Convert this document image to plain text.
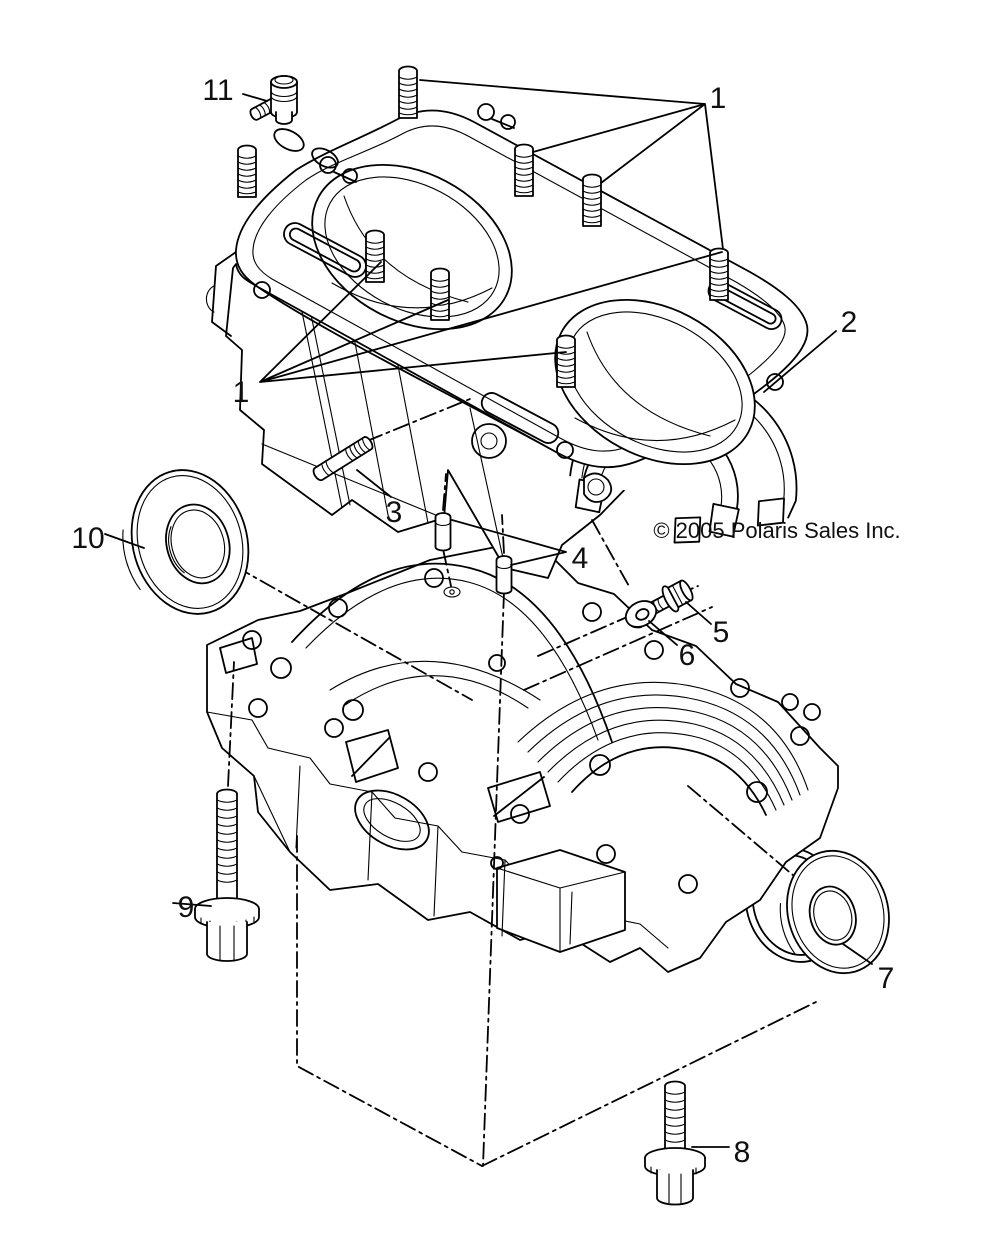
11	1
2
1
3
10
4
5
6
7
9
8
© 2005 Polaris Sales Inc.
